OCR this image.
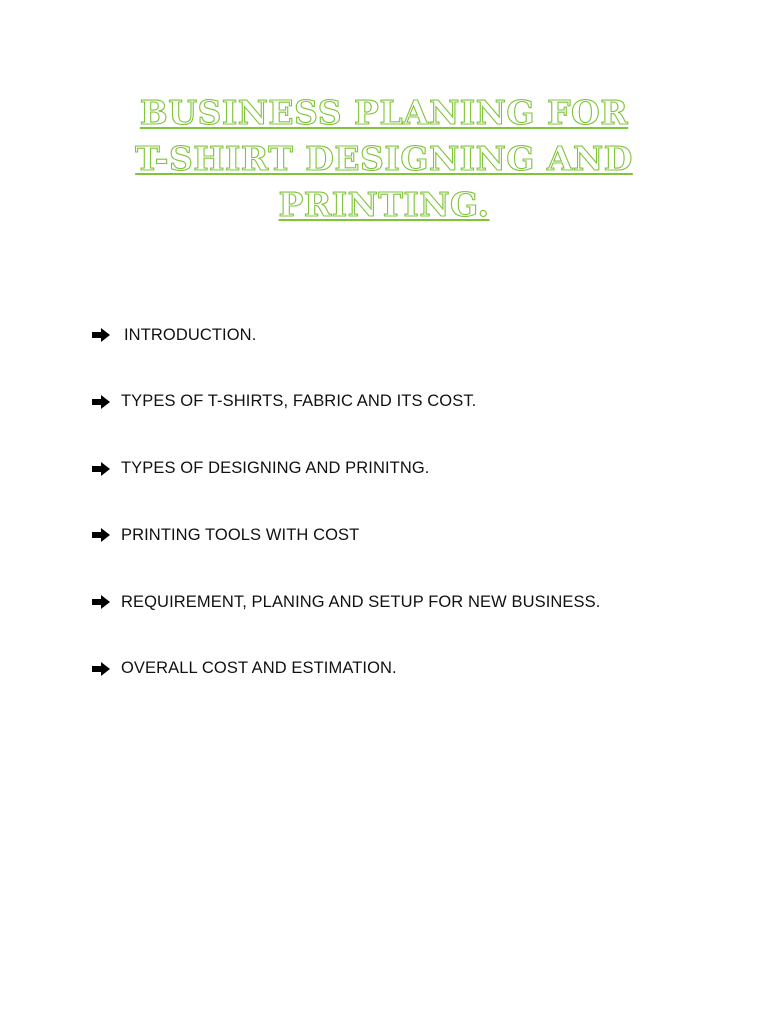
BUSINESS PLANING FOR T-SHIRT DESIGNING AND PRINTING.
INTRODUCTION.
TYPES OF T-SHIRTS, FABRIC AND ITS COST.
TYPES OF DESIGNING AND PRINITNG.
PRINTING TOOLS WITH COST
REQUIREMENT, PLANING AND SETUP FOR NEW BUSINESS.
OVERALL COST AND ESTIMATION.
